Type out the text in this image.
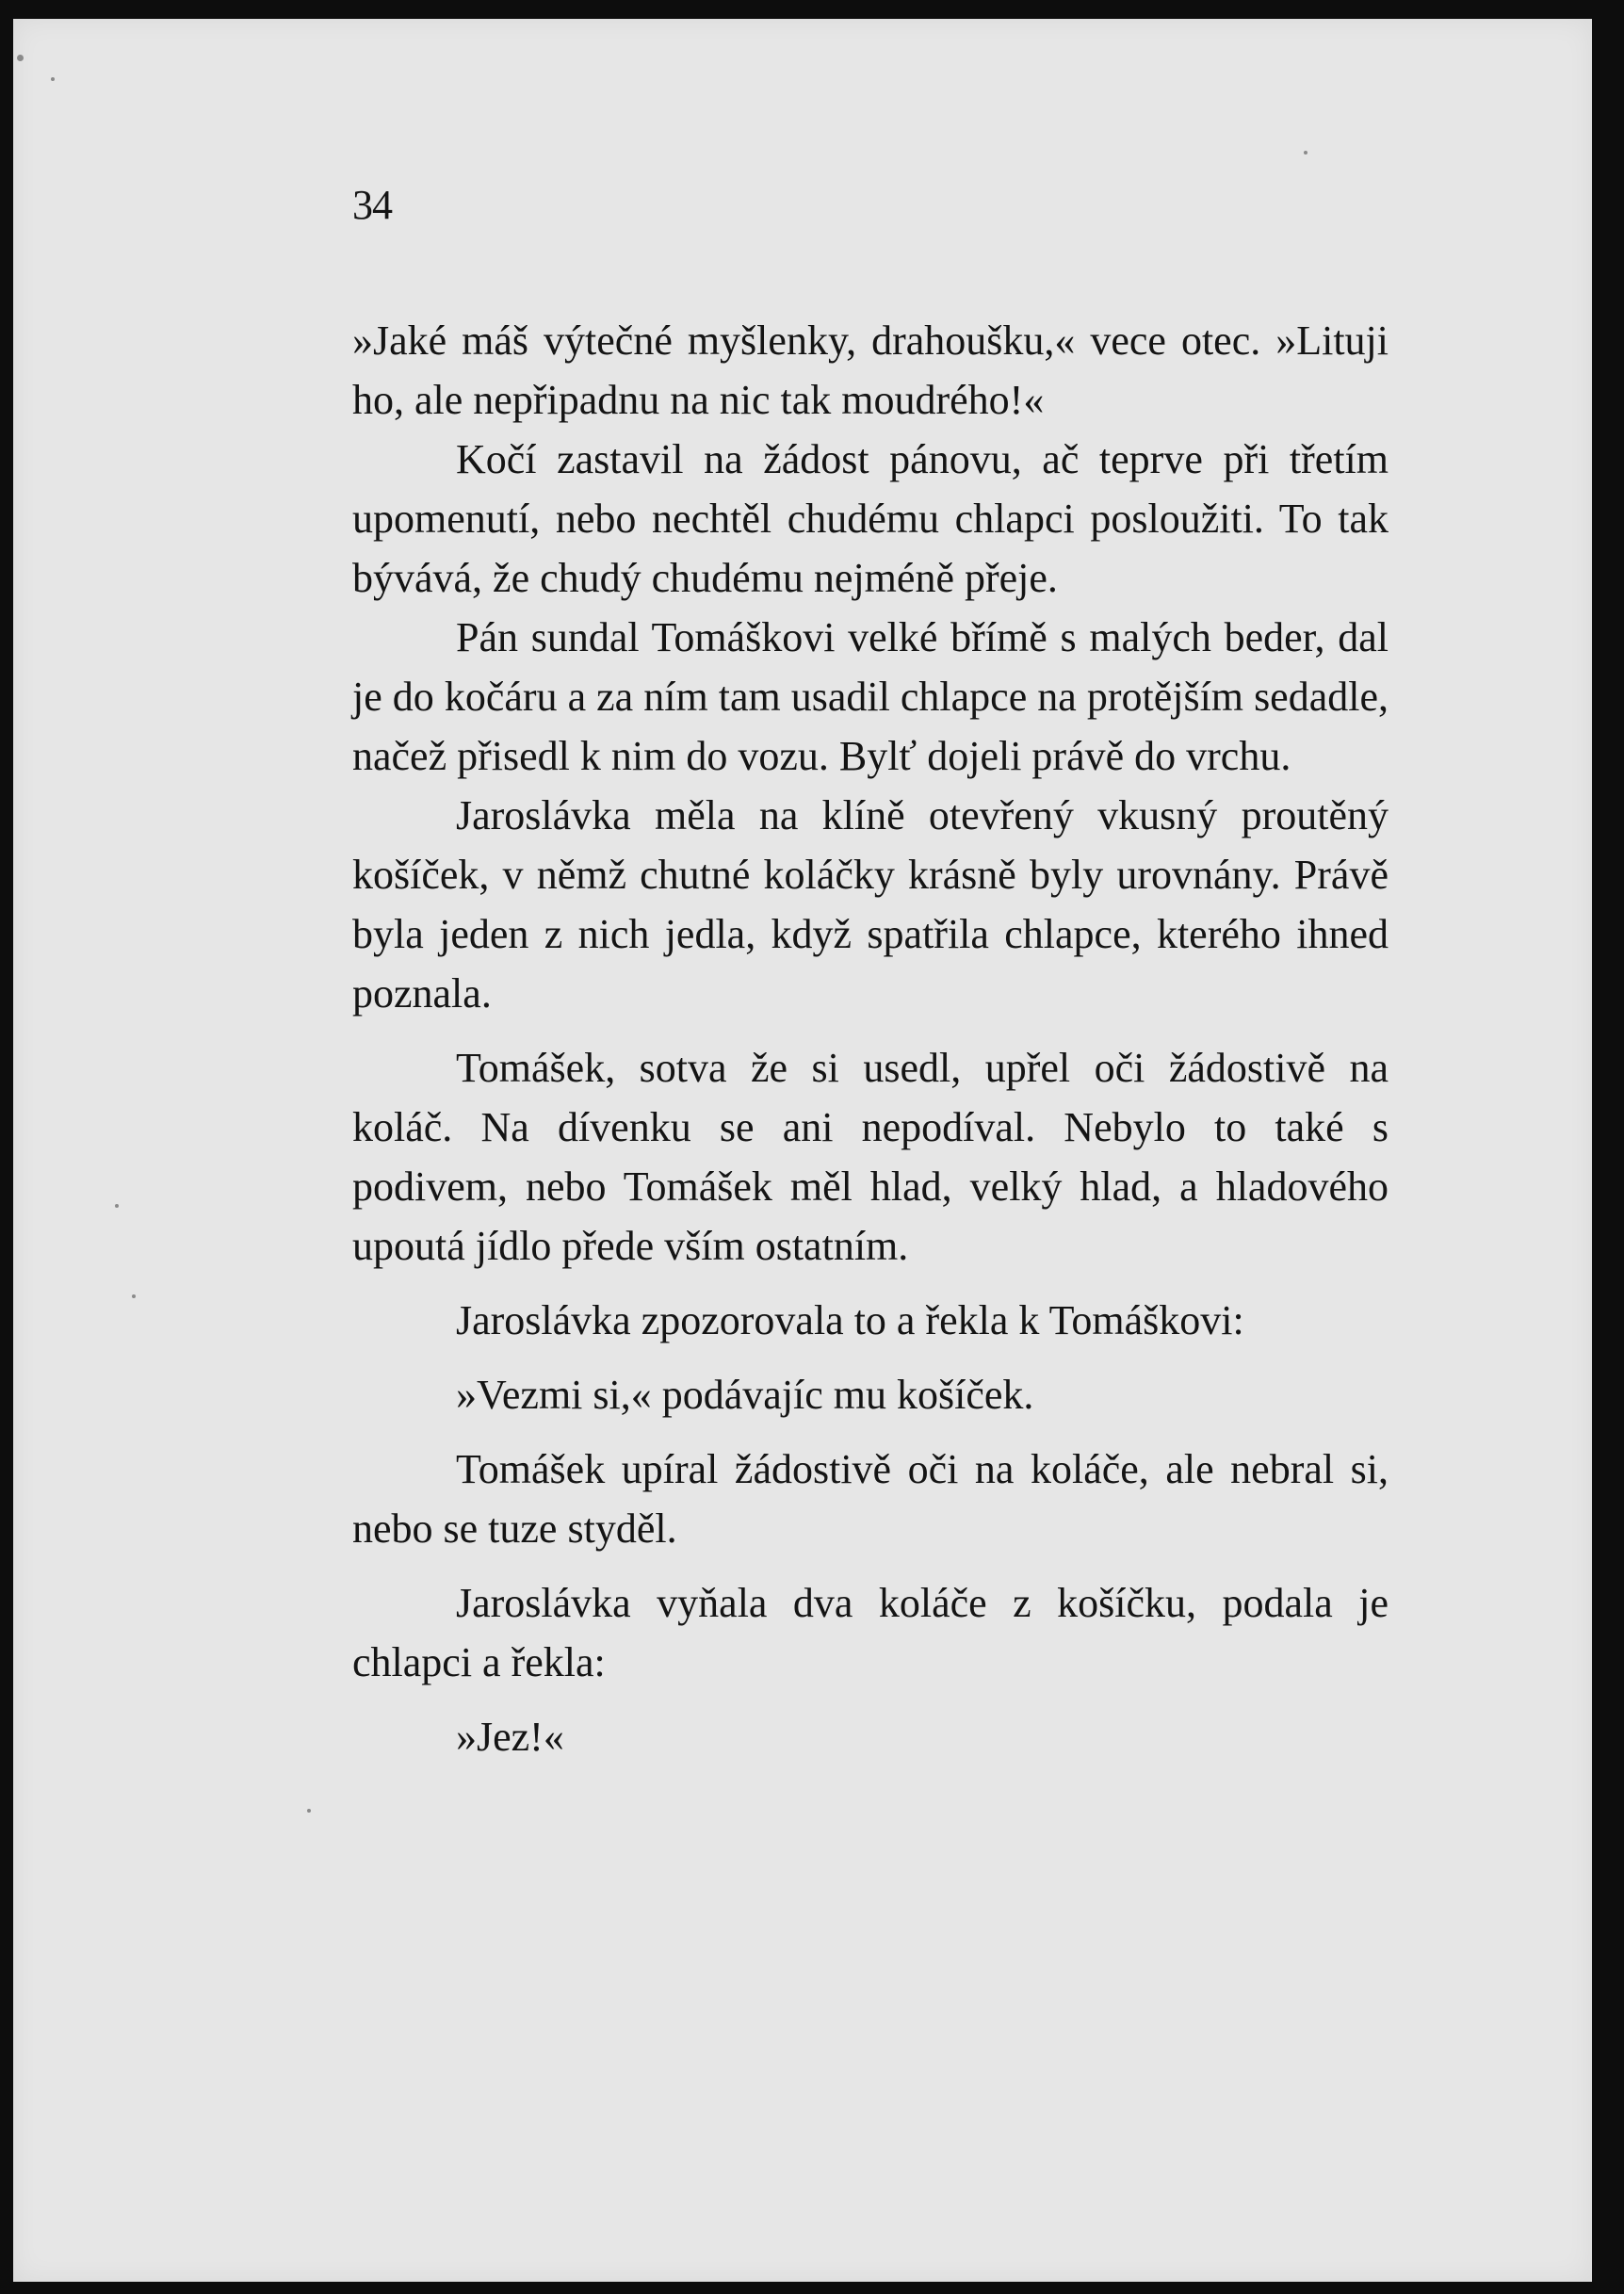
34

»Jaké máš výtečné myšlenky, drahoušku,« vece otec. »Lituji ho, ale nepřipadnu na nic tak moudrého!«

Kočí zastavil na žádost pánovu, ač teprve při třetím upomenutí, nebo nechtěl chudému chlapci posloužiti. To tak bývává, že chudý chudému nejméně přeje.

Pán sundal Tomáškovi velké břímě s malých beder, dal je do kočáru a za ním tam usadil chlapce na protějším sedadle, načež přisedl k nim do vozu. Bylť dojeli právě do vrchu.

Jaroslávka měla na klíně otevřený vkusný proutěný košíček, v němž chutné koláčky krásně byly urovnány. Právě byla jeden z nich jedla, když spatřila chlapce, kterého ihned poznala.

Tomášek, sotva že si usedl, upřel oči žádostivě na koláč. Na dívenku se ani nepodíval. Nebylo to také s podivem, nebo Tomášek měl hlad, velký hlad, a hladového upoutá jídlo přede vším ostatním.

Jaroslávka zpozorovala to a řekla k Tomáškovi:

»Vezmi si,« podávajíc mu košíček.

Tomášek upíral žádostivě oči na koláče, ale nebral si, nebo se tuze styděl.

Jaroslávka vyňala dva koláče z košíčku, podala je chlapci a řekla:

»Jez!«
